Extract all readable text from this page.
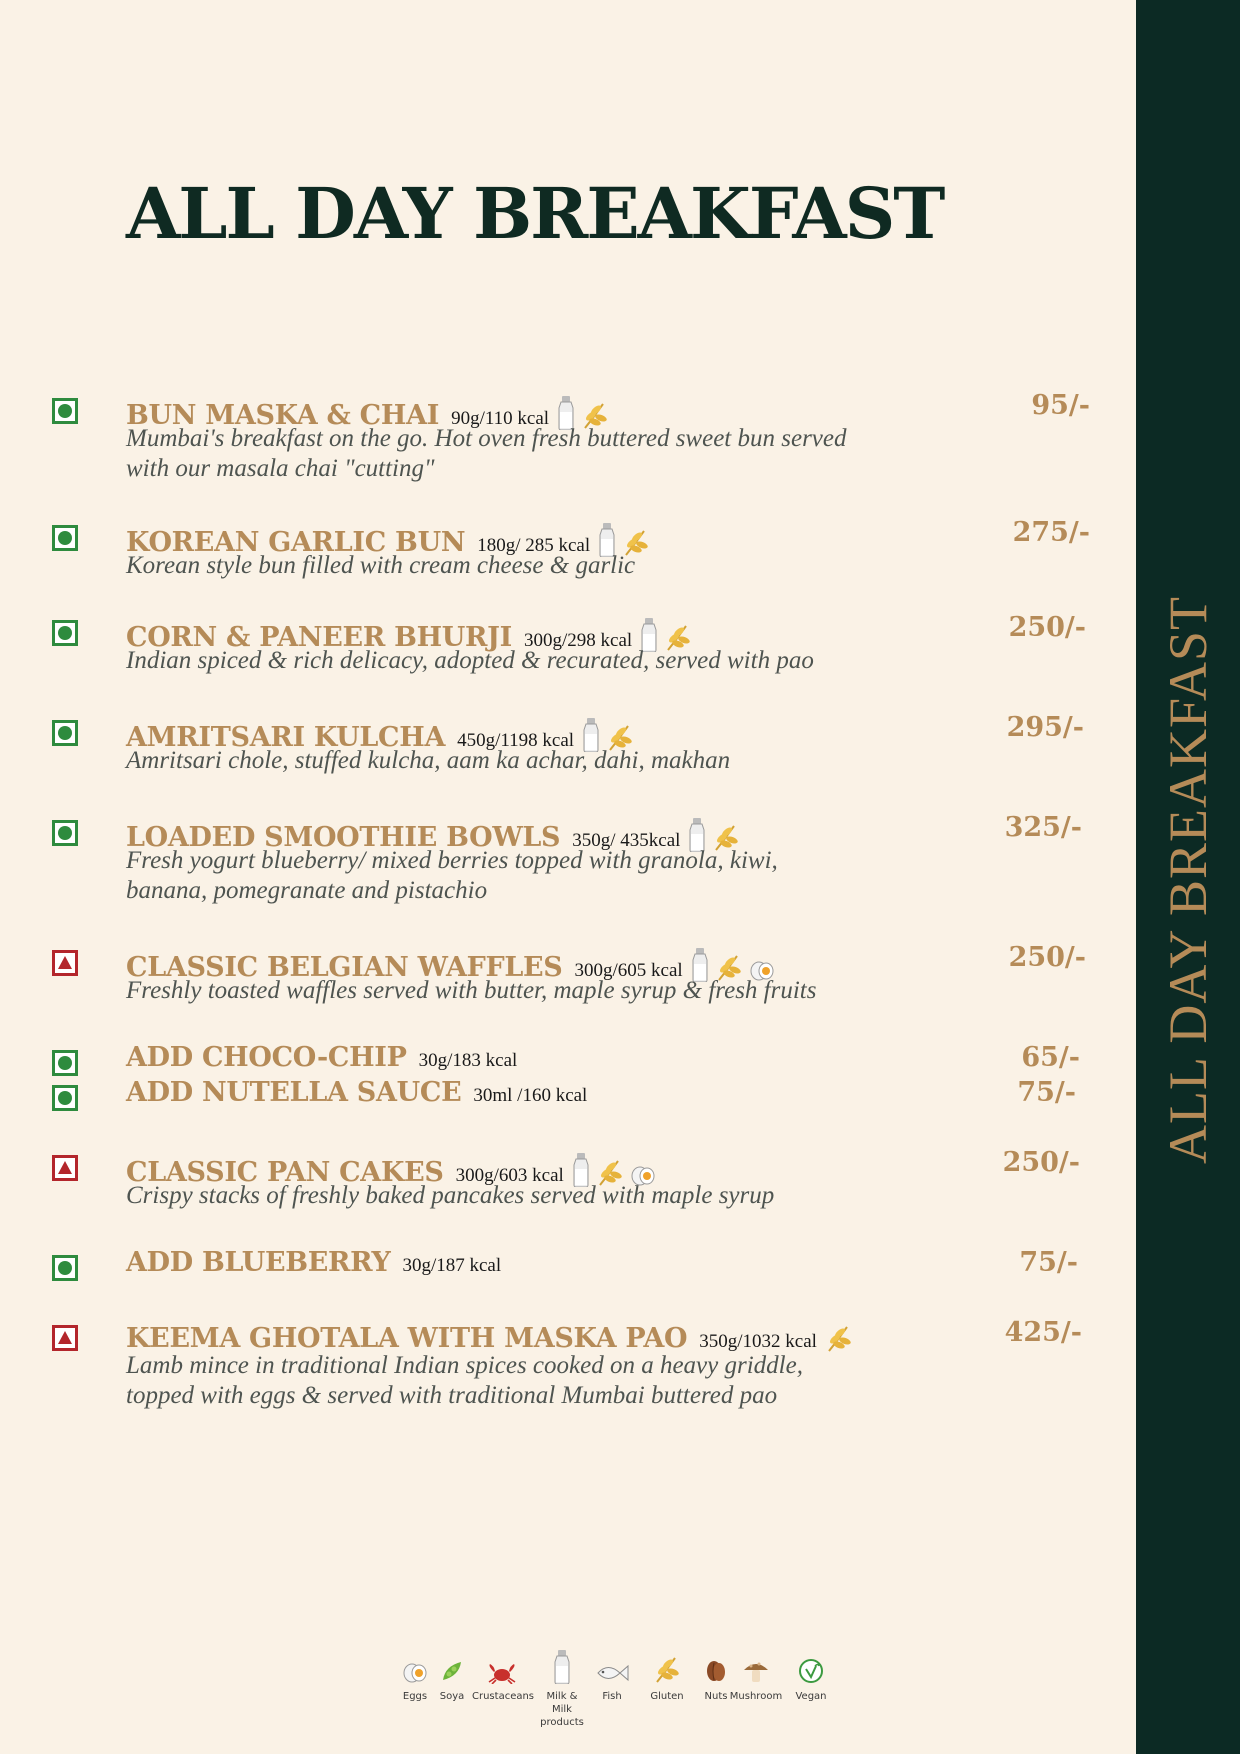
ALL DAY BREAKFAST
BUN MASKA & CHAI 90g/110 kcal
Mumbai's breakfast on the go. Hot oven fresh buttered sweet bun served
with our masala chai "cutting"
95/-
KOREAN GARLIC BUN 180g/ 285 kcal
Korean style bun filled with cream cheese & garlic
275/-
CORN & PANEER BHURJI 300g/298 kcal
Indian spiced & rich delicacy, adopted & recurated, served with pao
250/-
AMRITSARI KULCHA 450g/1198 kcal
Amritsari chole, stuffed kulcha, aam ka achar, dahi, makhan
295/-
LOADED SMOOTHIE BOWLS 350g/ 435kcal
Fresh yogurt blueberry/ mixed berries topped with granola, kiwi,
banana, pomegranate and pistachio
325/-
CLASSIC BELGIAN WAFFLES 300g/605 kcal
Freshly toasted waffles served with butter, maple syrup & fresh fruits
250/-
ADD CHOCO-CHIP 30g/183 kcal	65/-
ADD NUTELLA SAUCE 30ml /160 kcal	75/-
CLASSIC PAN CAKES 300g/603 kcal
Crispy stacks of freshly baked pancakes served with maple syrup
250/-
ADD BLUEBERRY 30g/187 kcal	75/-
KEEMA GHOTALA WITH MASKA PAO 350g/1032 kcal
Lamb mince in traditional Indian spices cooked on a heavy griddle,
topped with eggs & served with traditional Mumbai buttered pao
425/-
Eggs	Soya Crustaceans	Milk &
Milk products
Fish	Gluten	Nuts Mushroom	Vegan
ALL DAY BREAKFAST
